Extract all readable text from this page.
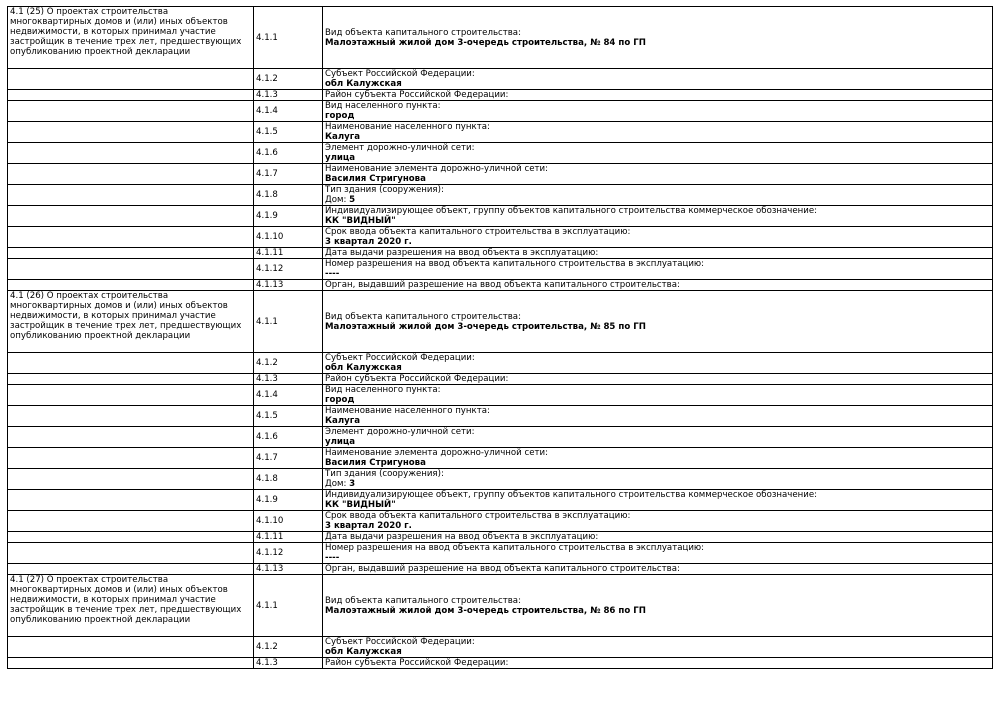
4.1 (25) О проектах строительства многоквартирных домов и (или) иных объектов недвижимости, в которых принимал участие застройщик в течение трех лет, предшествующих опубликованию проектной декларации	4.1.1	Вид объекта капитального строительства:
Малоэтажный жилой дом 3-очередь строительства, № 84 по ГП

	4.1.2	Субъект Российской Федерации:
обл Калужская

	4.1.3	Район субъекта Российской Федерации:

	4.1.4	Вид населенного пункта:
город

	4.1.5	Наименование населенного пункта:
Калуга

	4.1.6	Элемент дорожно-уличной сети:
улица

	4.1.7	Наименование элемента дорожно-уличной сети:
Василия Стригунова

	4.1.8	Тип здания (сооружения):
Дом: 5

	4.1.9	Индивидуализирующее объект, группу объектов капитального строительства коммерческое обозначение:
КК "ВИДНЫЙ"

	4.1.10	Срок ввода объекта капитального строительства в эксплуатацию:
3 квартал 2020 г.

	4.1.11	Дата выдачи разрешения на ввод объекта в эксплуатацию:

	4.1.12	Номер разрешения на ввод объекта капитального строительства в эксплуатацию:
----

	4.1.13	Орган, выдавший разрешение на ввод объекта капитального строительства:

4.1 (26) О проектах строительства многоквартирных домов и (или) иных объектов недвижимости, в которых принимал участие застройщик в течение трех лет, предшествующих опубликованию проектной декларации	4.1.1	Вид объекта капитального строительства:
Малоэтажный жилой дом 3-очередь строительства, № 85 по ГП

	4.1.2	Субъект Российской Федерации:
обл Калужская

	4.1.3	Район субъекта Российской Федерации:

	4.1.4	Вид населенного пункта:
город

	4.1.5	Наименование населенного пункта:
Калуга

	4.1.6	Элемент дорожно-уличной сети:
улица

	4.1.7	Наименование элемента дорожно-уличной сети:
Василия Стригунова

	4.1.8	Тип здания (сооружения):
Дом: 3

	4.1.9	Индивидуализирующее объект, группу объектов капитального строительства коммерческое обозначение:
КК "ВИДНЫЙ"

	4.1.10	Срок ввода объекта капитального строительства в эксплуатацию:
3 квартал 2020 г.

	4.1.11	Дата выдачи разрешения на ввод объекта в эксплуатацию:

	4.1.12	Номер разрешения на ввод объекта капитального строительства в эксплуатацию:
----

	4.1.13	Орган, выдавший разрешение на ввод объекта капитального строительства:

4.1 (27) О проектах строительства многоквартирных домов и (или) иных объектов недвижимости, в которых принимал участие застройщик в течение трех лет, предшествующих опубликованию проектной декларации	4.1.1	Вид объекта капитального строительства:
Малоэтажный жилой дом 3-очередь строительства, № 86 по ГП

	4.1.2	Субъект Российской Федерации:
обл Калужская

	4.1.3	Район субъекта Российской Федерации:
